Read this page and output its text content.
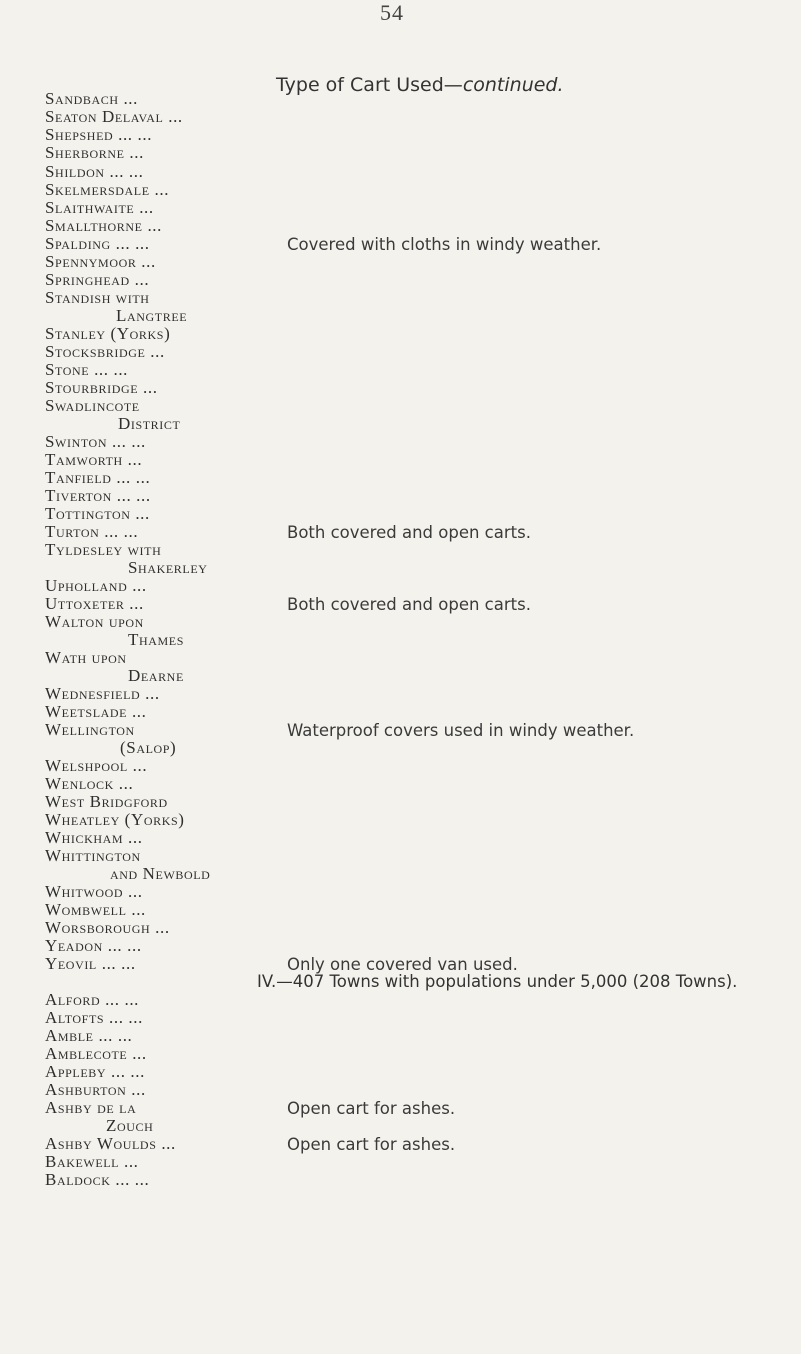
54
Type of Cart Used—continued.
Sandbach ...
Seaton Delaval ...
Shepshed ... ...
Sherborne ...
Shildon ... ...
Skelmersdale ...
Slaithwaite ...
Smallthorne ...
Spalding ... ...	Covered with cloths in windy weather.
Spennymoor ...
Springhead ...
Standish with
Langtree
Stanley (Yorks)
Stocksbridge ...
Stone ... ...
Stourbridge ...
Swadlincote
District
Swinton ... ...
Tamworth ...
Tanfield ... ...
Tiverton ... ...
Tottington ...
Turton ... ...	Both covered and open carts.
Tyldesley with
Shakerley
Upholland ...
Uttoxeter ...	Both covered and open carts.
Walton upon
Thames
Wath upon
Dearne
Wednesfield ...
Weetslade ...
Wellington	Waterproof covers used in windy weather.
(Salop)
Welshpool ...
Wenlock ...
West Bridgford
Wheatley (Yorks)
Whickham ...
Whittington
and Newbold
Whitwood ...
Wombwell ...
Worsborough ...
Yeadon ... ...
Yeovil ... ...	Only one covered van used.
Alford ... ...
Altofts ... ...
Amble ... ...
Amblecote ...
Appleby ... ...
Ashburton ...
Ashby de la	Open cart for ashes.
Zouch
Ashby Woulds ...	Open cart for ashes.
Bakewell ...
Baldock ... ...
IV.—407 Towns with populations under 5,000 (208 Towns).
